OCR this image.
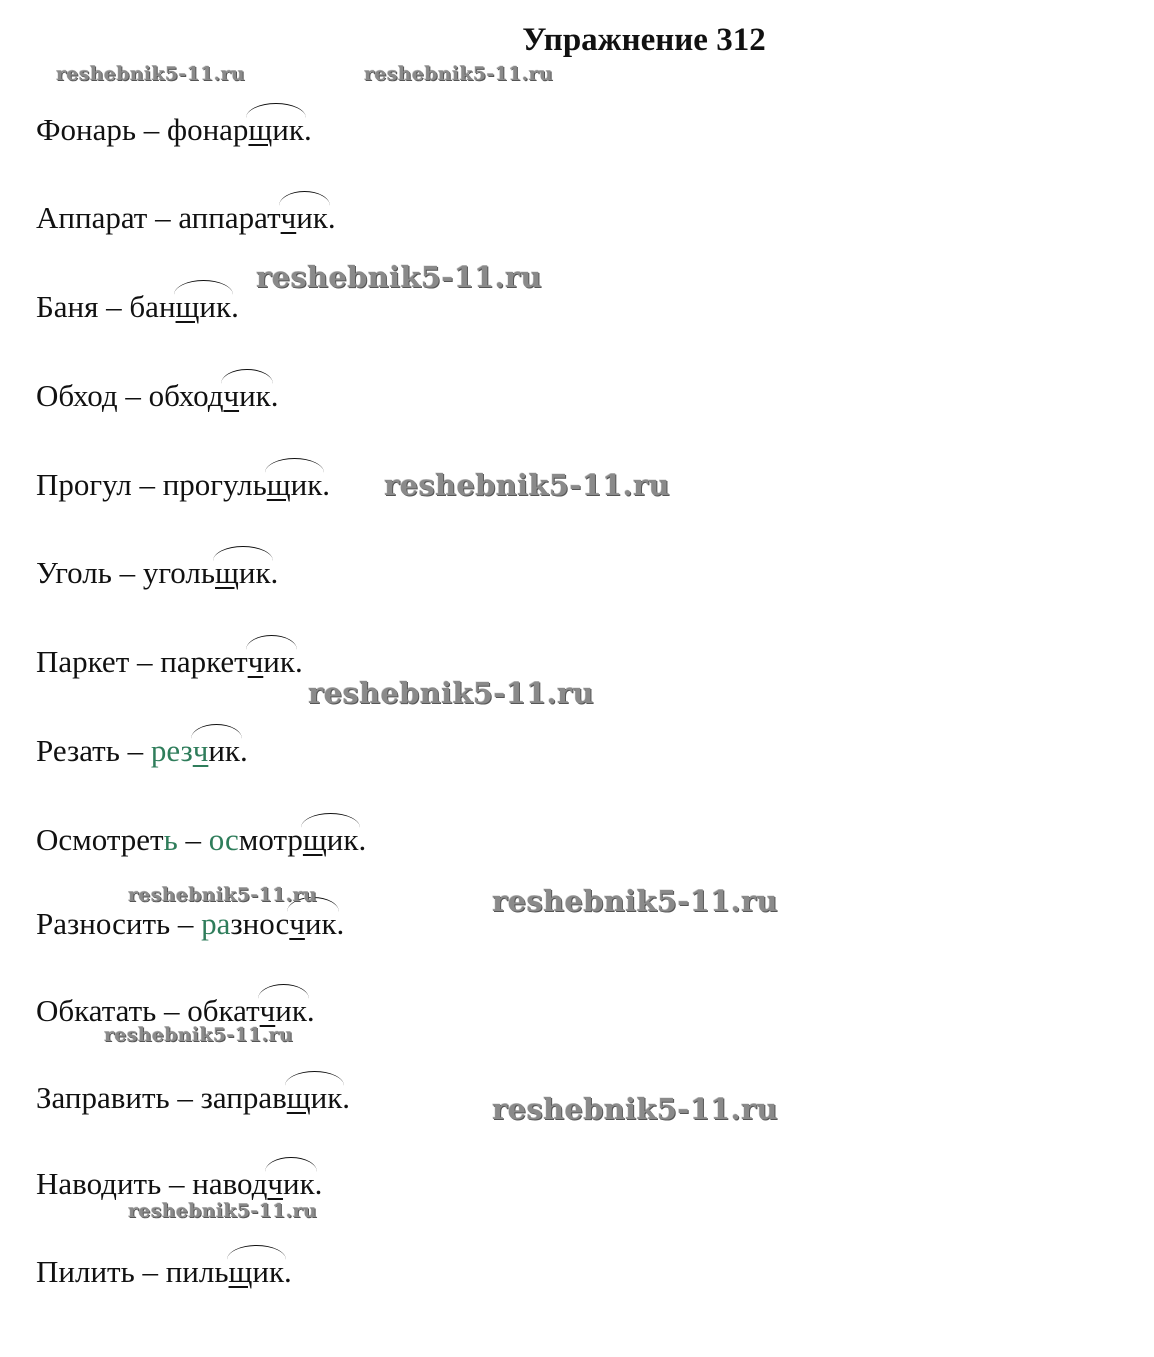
Упражнение 312
Фонарь – фонарщик.
Аппарат – аппаратчик.
Баня – банщик.
Обход – обходчик.
Прогул – прогульщик.
Уголь – угольщик.
Паркет – паркетчик.
Резать – резчик.
Осмотреть – осмотрщик.
Разносить – разносчик.
Обкатать – обкатчик.
Заправить – заправщик.
Наводить – наводчик.
Пилить – пильщик.
reshebnik5-11.ru	reshebnik5-11.ru
reshebnik5-11.ru
reshebnik5-11.ru
reshebnik5-11.ru
reshebnik5-11.ru	reshebnik5-11.ru
reshebnik5-11.ru
reshebnik5-11.ru
reshebnik5-11.ru
